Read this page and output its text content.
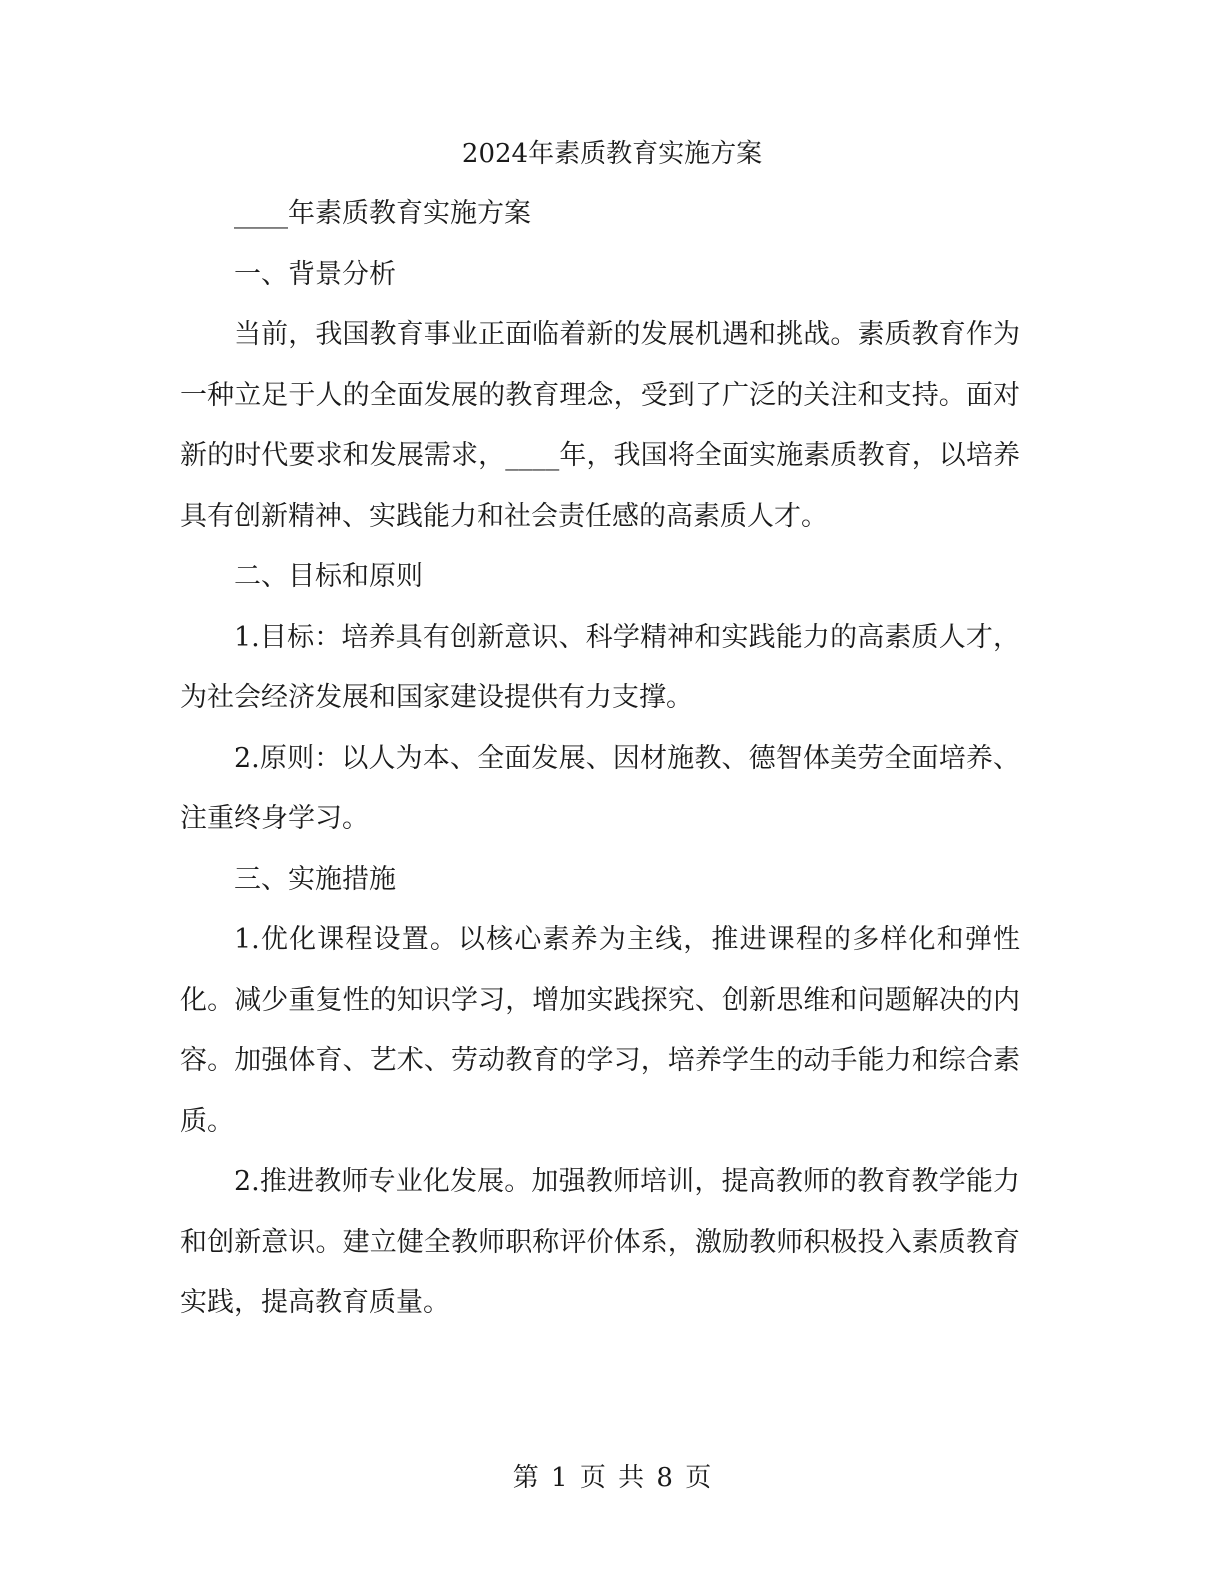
2024年素质教育实施方案

____年素质教育实施方案

一、背景分析

当前，我国教育事业正面临着新的发展机遇和挑战。素质教育作为一种立足于人的全面发展的教育理念，受到了广泛的关注和支持。面对新的时代要求和发展需求，____年，我国将全面实施素质教育，以培养具有创新精神、实践能力和社会责任感的高素质人才。

二、目标和原则

1.目标：培养具有创新意识、科学精神和实践能力的高素质人才，为社会经济发展和国家建设提供有力支撑。

2.原则：以人为本、全面发展、因材施教、德智体美劳全面培养、注重终身学习。

三、实施措施

1.优化课程设置。以核心素养为主线，推进课程的多样化和弹性化。减少重复性的知识学习，增加实践探究、创新思维和问题解决的内容。加强体育、艺术、劳动教育的学习，培养学生的动手能力和综合素质。

2.推进教师专业化发展。加强教师培训，提高教师的教育教学能力和创新意识。建立健全教师职称评价体系，激励教师积极投入素质教育实践，提高教育质量。

第 1 页 共 8 页
